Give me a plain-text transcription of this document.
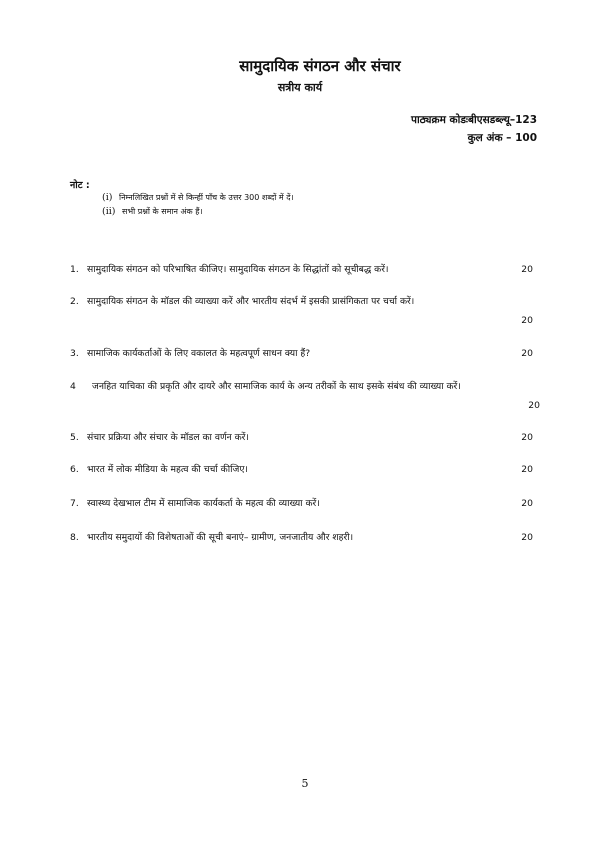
सामुदायिक संगठन और संचार
सत्रीय कार्य
पाठ्यक्रम कोडःबीएसडब्ल्यू–123
कुल अंक – 100
नोट :
(i) निम्नलिखित प्रश्नों में से किन्हीं पाँच के उत्तर 300 शब्दों में दें।
(ii) सभी प्रश्नों के समान अंक हैं।
1. सामुदायिक संगठन को परिभाषित कीजिए। सामुदायिक संगठन के सिद्धांतों को सूचीबद्ध करें।	20
2. सामुदायिक संगठन के मॉडल की व्याख्या करें और भारतीय संदर्भ में इसकी प्रासंगिकता पर चर्चा करें।
20
3. सामाजिक कार्यकर्ताओं के लिए वकालत के महत्वपूर्ण साधन क्या हैं?	20
4 जनहित याचिका की प्रकृति और दायरे और सामाजिक कार्य के अन्य तरीकों के साथ इसके संबंध की व्याख्या करें।
20
5. संचार प्रक्रिया और संचार के मॉडल का वर्णन करें।	20
6. भारत में लोक मीडिया के महत्व की चर्चा कीजिए।	20
7. स्वास्थ्य देखभाल टीम में सामाजिक कार्यकर्ता के महत्व की व्याख्या करें।	20
8. भारतीय समुदायों की विशेषताओं की सूची बनाएं– ग्रामीण, जनजातीय और शहरी।	20
5
